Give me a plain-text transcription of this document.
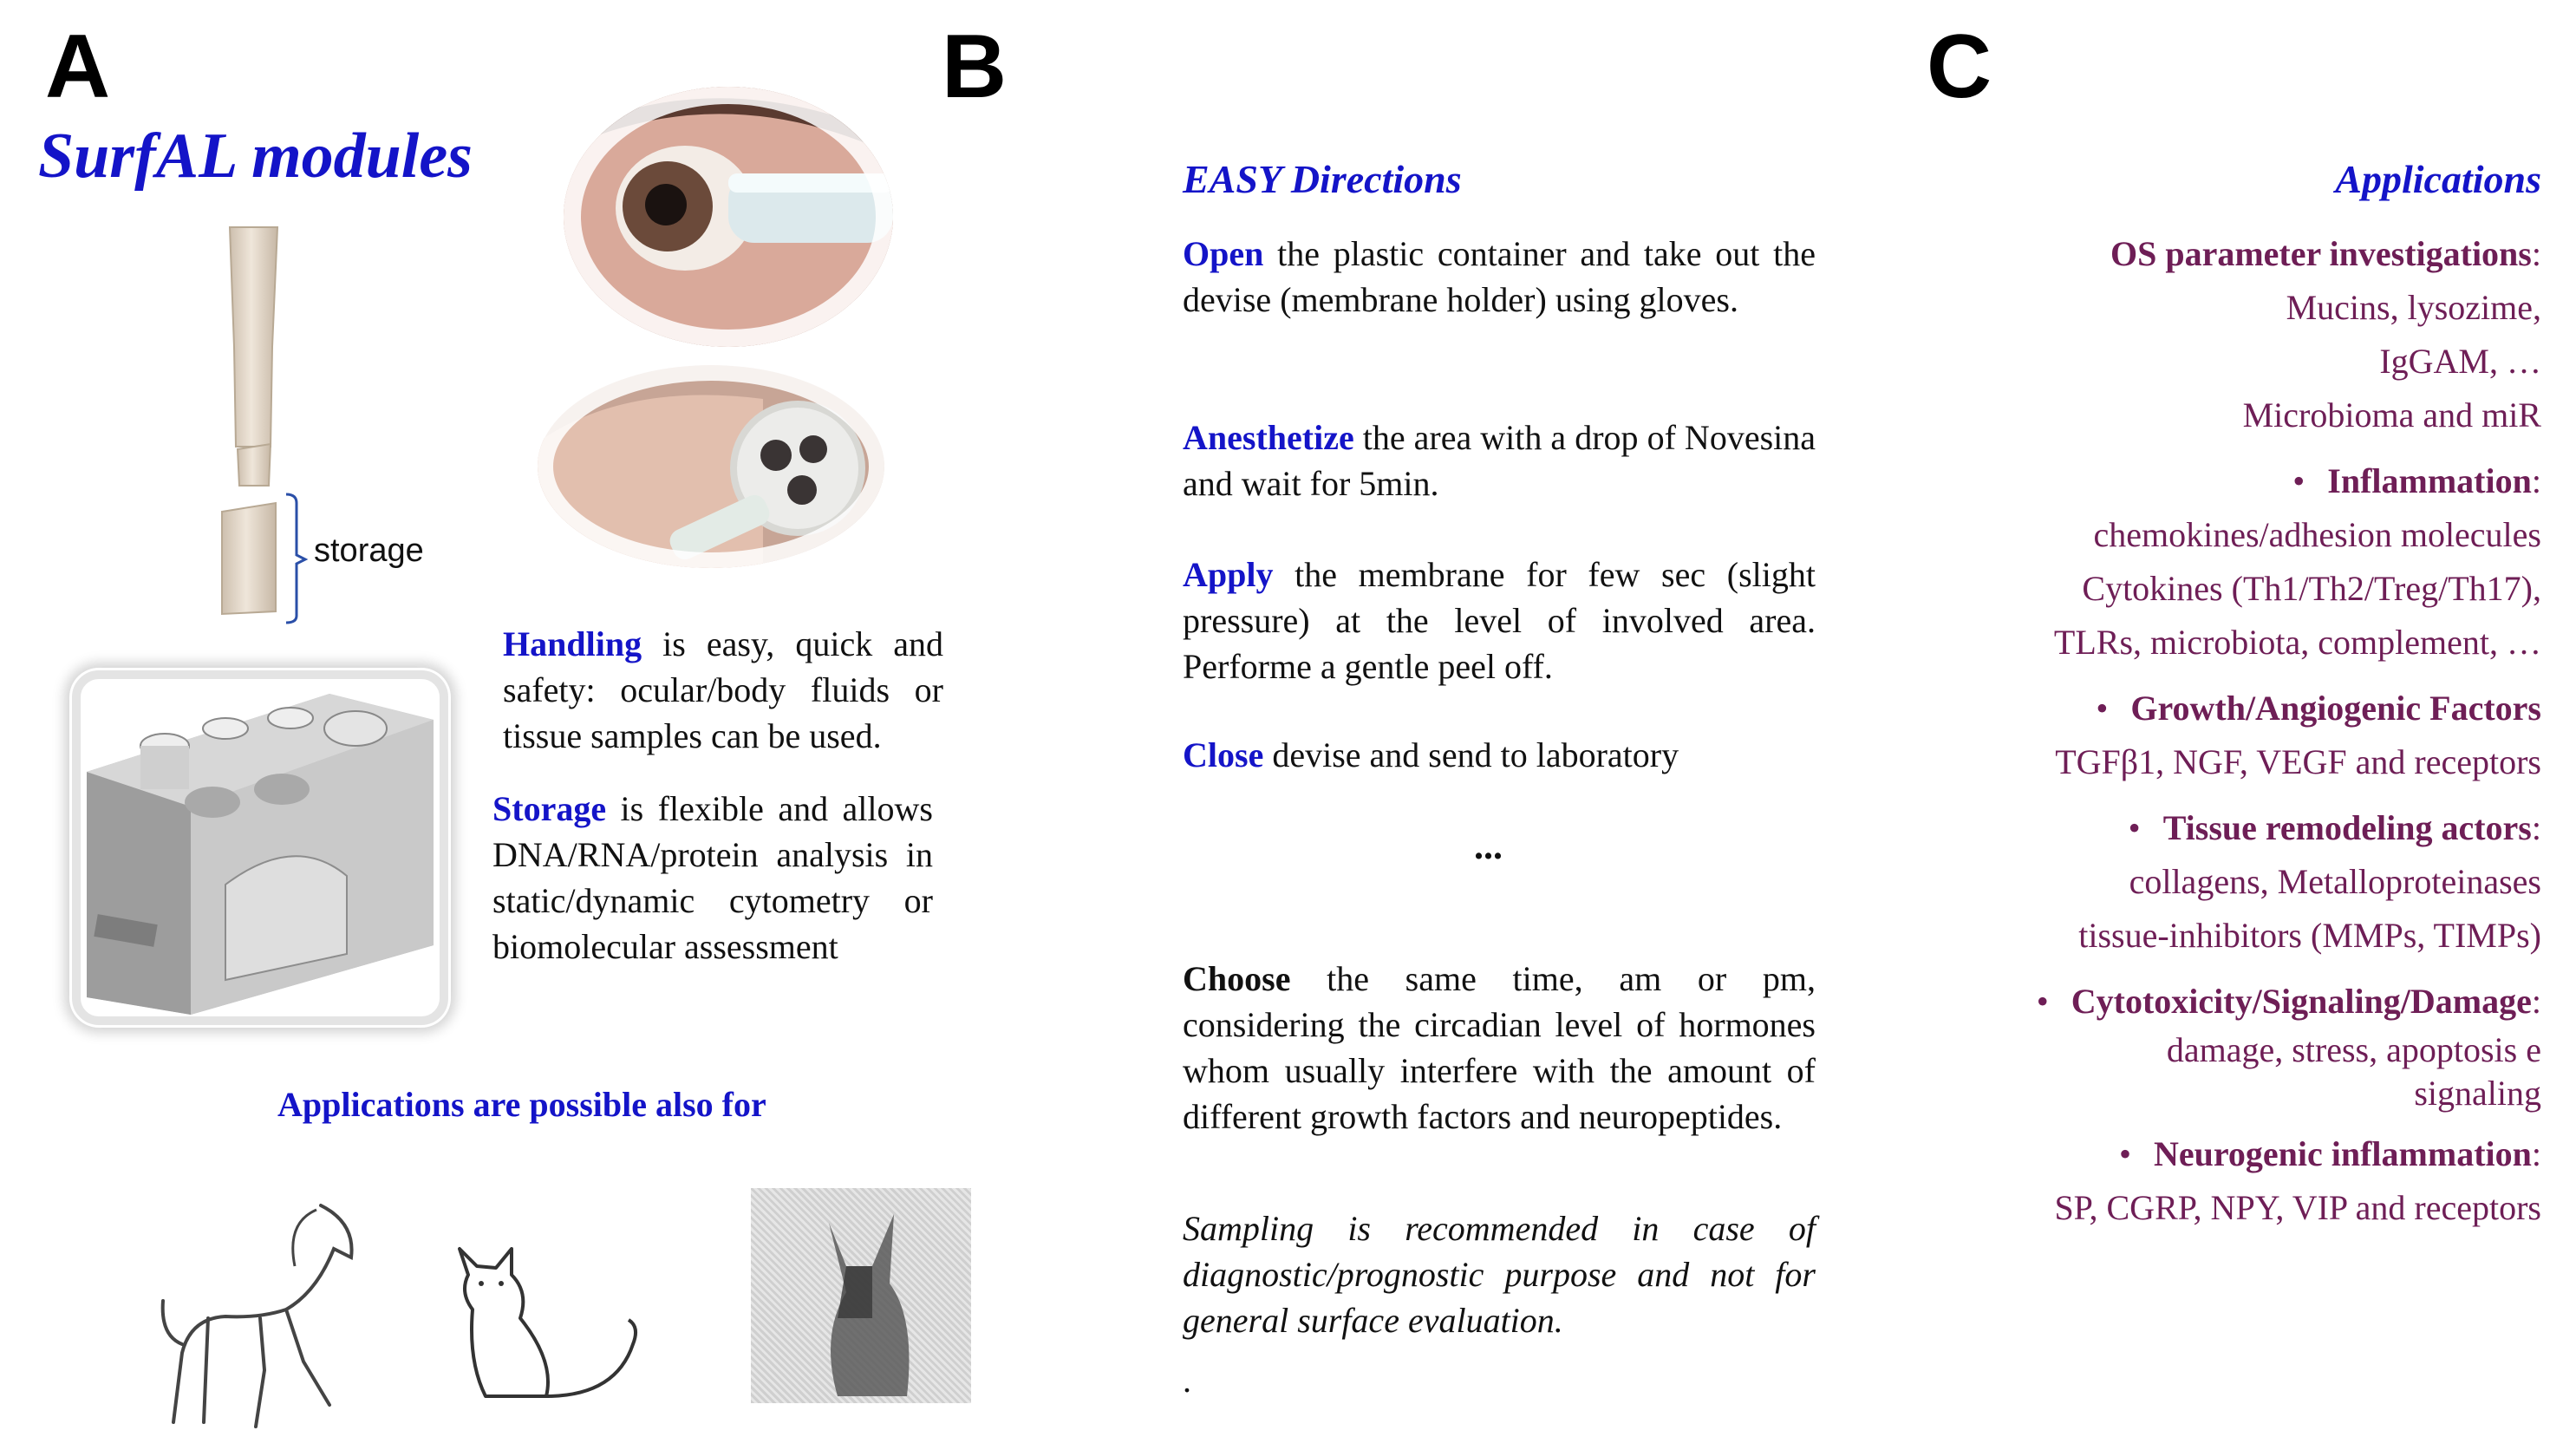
A
SurfAL modules
storage
Handling is easy, quick and safety: ocular/body fluids or tissue samples can be used.
Storage is flexible and allows DNA/RNA/protein analysis in static/dynamic cytometry or biomolecular assessment
Applications are possible also for
B
EASY Directions
Open the plastic container and take out the devise (membrane holder) using gloves.
Anesthetize the area with a drop of Novesina and wait for 5min.
Apply the membrane for few sec (slight pressure) at the level of involved area. Performe a gentle peel off.
Close devise and send to laboratory
...
Choose the same time, am or pm, considering the circadian level of hormones whom usually interfere with the amount of different growth factors and neuropeptides.
Sampling is recommended in case of diagnostic/prognostic purpose and not for general surface evaluation.
.
C
Applications
OS parameter investigations:
Mucins, lysozime,
IgGAM, …
Microbioma and miR
• Inflammation:
chemokines/adhesion molecules
Cytokines (Th1/Th2/Treg/Th17),
TLRs, microbiota, complement, …
• Growth/Angiogenic Factors
TGFβ1, NGF, VEGF and receptors
• Tissue remodeling actors:
collagens, Metalloproteinases
tissue-inhibitors (MMPs, TIMPs)
• Cytotoxicity/Signaling/Damage:
damage, stress, apoptosis e
signaling
• Neurogenic inflammation:
SP, CGRP, NPY, VIP and receptors
